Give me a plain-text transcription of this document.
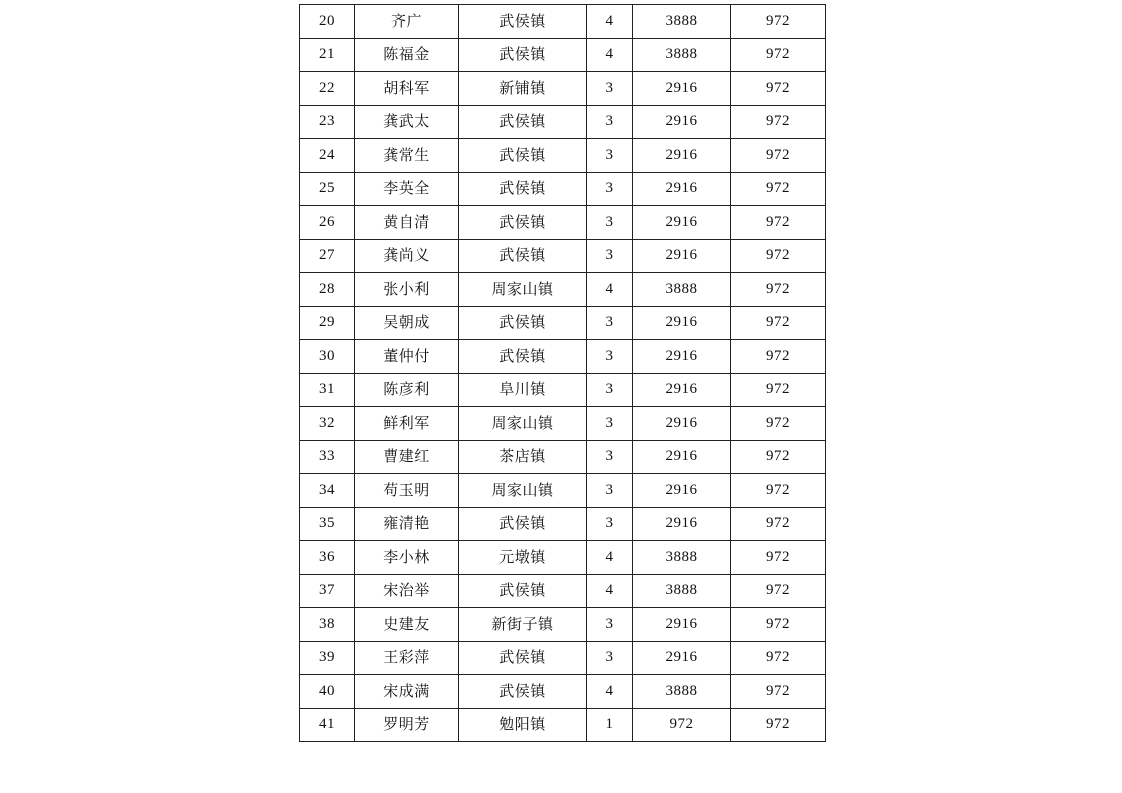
20	齐广	武侯镇	4	3888	972
21	陈福金	武侯镇	4	3888	972
22	胡科军	新铺镇	3	2916	972
23	龚武太	武侯镇	3	2916	972
24	龚常生	武侯镇	3	2916	972
25	李英全	武侯镇	3	2916	972
26	黄自清	武侯镇	3	2916	972
27	龚尚义	武侯镇	3	2916	972
28	张小利	周家山镇	4	3888	972
29	吴朝成	武侯镇	3	2916	972
30	董仲付	武侯镇	3	2916	972
31	陈彦利	阜川镇	3	2916	972
32	鲜利军	周家山镇	3	2916	972
33	曹建红	茶店镇	3	2916	972
34	苟玉明	周家山镇	3	2916	972
35	雍清艳	武侯镇	3	2916	972
36	李小林	元墩镇	4	3888	972
37	宋治举	武侯镇	4	3888	972
38	史建友	新街子镇	3	2916	972
39	王彩萍	武侯镇	3	2916	972
40	宋成满	武侯镇	4	3888	972
41	罗明芳	勉阳镇	1	972	972
